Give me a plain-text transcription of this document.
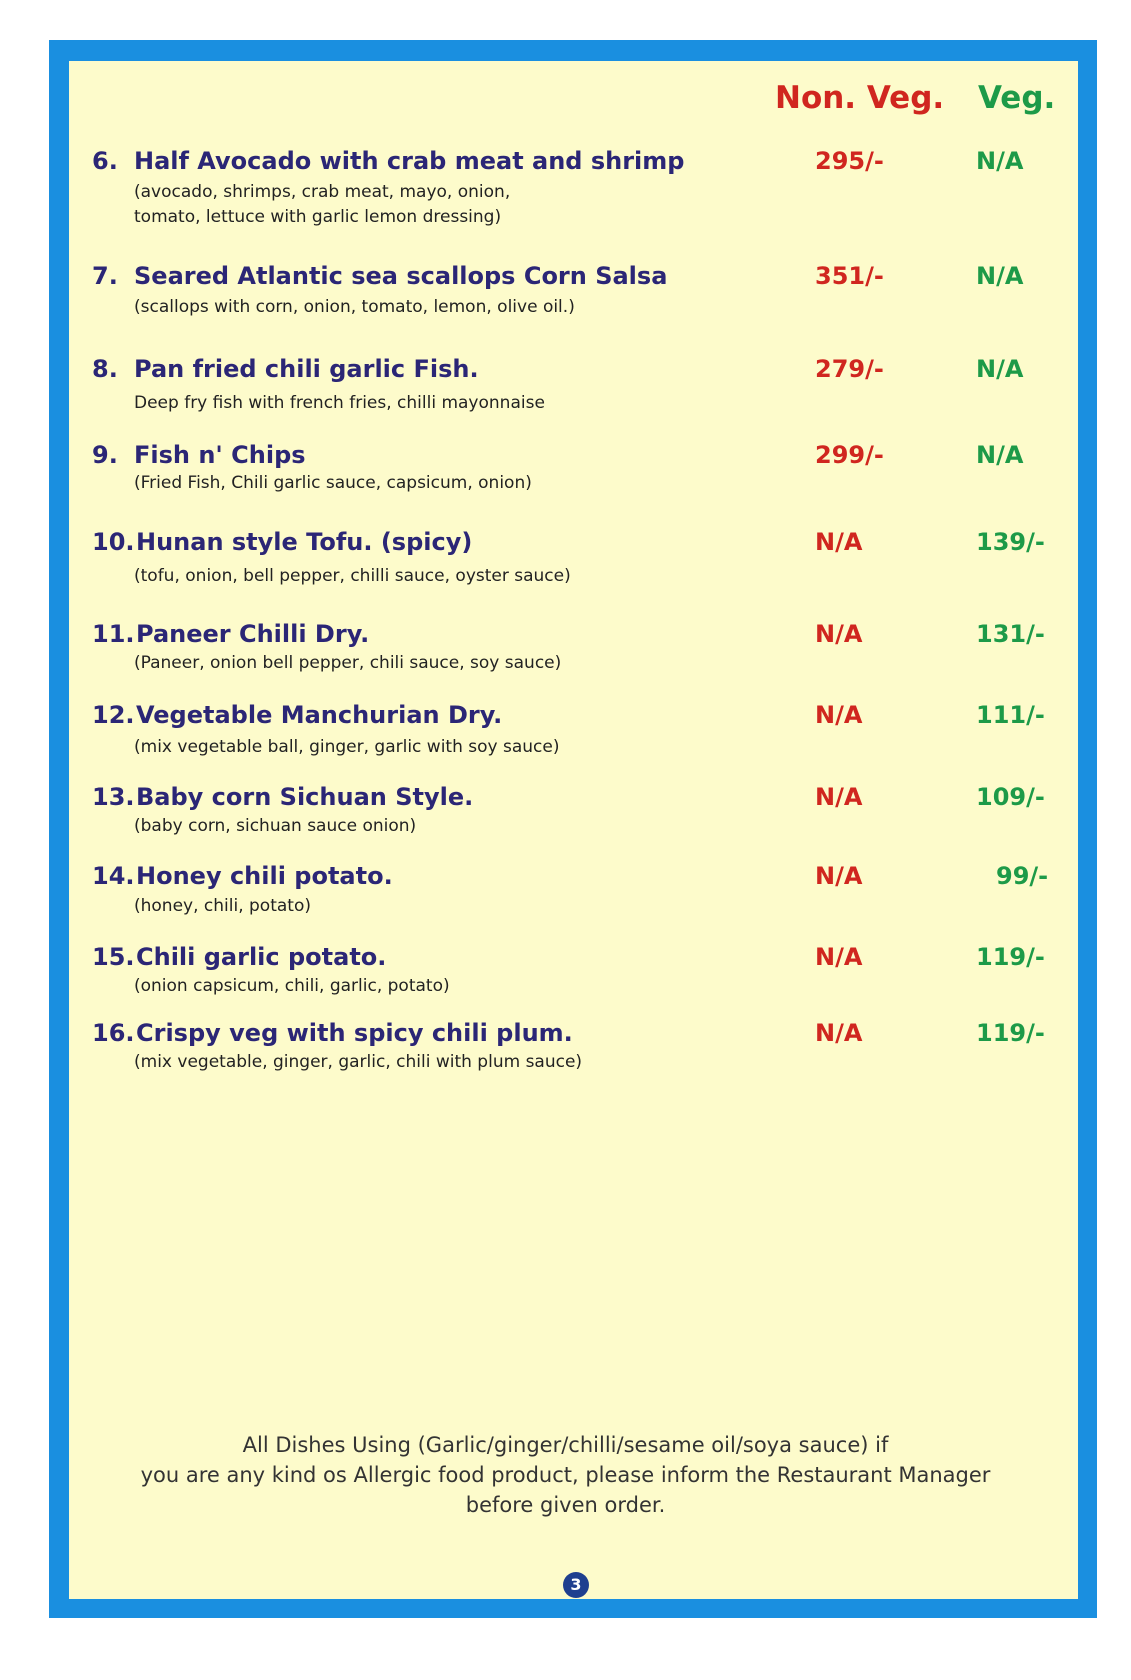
Non. Veg. Veg.
6. Half Avocado with crab meat and shrimp
(avocado, shrimps, crab meat, mayo, onion,
tomato, lettuce with garlic lemon dressing)
295/-	N/A
7. Seared Atlantic sea scallops Corn Salsa
(scallops with corn, onion, tomato, lemon, olive oil.)
351/-	N/A
8. Pan fried chili garlic Fish.
Deep fry fish with french fries, chilli mayonnaise
279/-	N/A
9. Fish n' Chips
(Fried Fish, Chili garlic sauce, capsicum, onion)
299/-	N/A
10. Hunan style Tofu. (spicy)
(tofu, onion, bell pepper, chilli sauce, oyster sauce)
N/A	139/-
11. Paneer Chilli Dry.
(Paneer, onion bell pepper, chili sauce, soy sauce)
N/A	131/-
12. Vegetable Manchurian Dry.
(mix vegetable ball, ginger, garlic with soy sauce)
N/A	111/-
13. Baby corn Sichuan Style.
(baby corn, sichuan sauce onion)
N/A	109/-
14. Honey chili potato.
(honey, chili, potato)
N/A	99/-
15. Chili garlic potato.
(onion capsicum, chili, garlic, potato)
N/A	119/-
16. Crispy veg with spicy chili plum.
(mix vegetable, ginger, garlic, chili with plum sauce)
N/A	119/-
All Dishes Using (Garlic/ginger/chilli/sesame oil/soya sauce) if
you are any kind os Allergic food product, please inform the Restaurant Manager
before given order.
3
